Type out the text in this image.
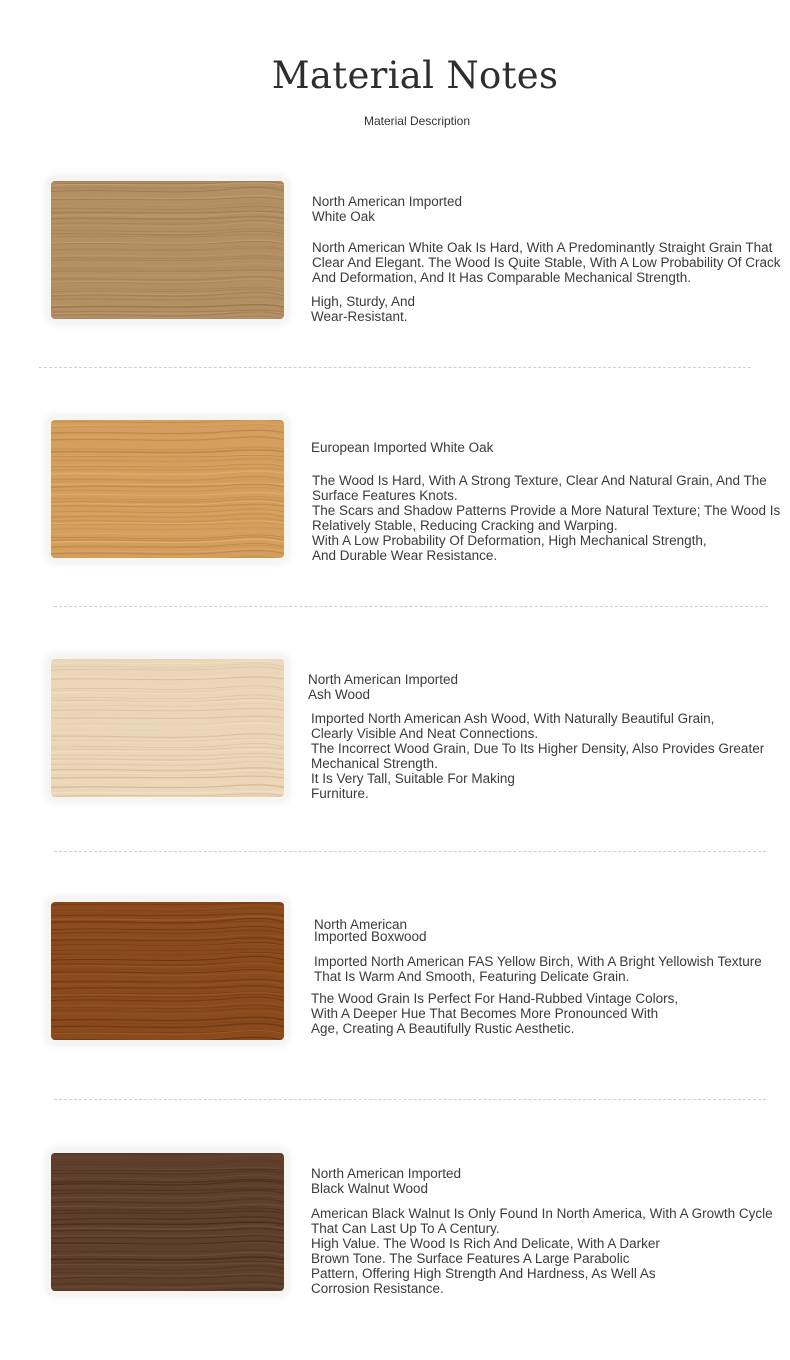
Material Notes
Material Description
North American Imported
White Oak
North American White Oak Is Hard, With A Predominantly Straight Grain That
Clear And Elegant. The Wood Is Quite Stable, With A Low Probability Of Crack
And Deformation, And It Has Comparable Mechanical Strength.
High, Sturdy, And
Wear-Resistant.
European Imported White Oak
The Wood Is Hard, With A Strong Texture, Clear And Natural Grain, And The
Surface Features Knots.
The Scars and Shadow Patterns Provide a More Natural Texture; The Wood Is
Relatively Stable, Reducing Cracking and Warping.
With A Low Probability Of Deformation, High Mechanical Strength,
And Durable Wear Resistance.
North American Imported
Ash Wood
Imported North American Ash Wood, With Naturally Beautiful Grain,
Clearly Visible And Neat Connections.
The Incorrect Wood Grain, Due To Its Higher Density, Also Provides Greater
Mechanical Strength.
It Is Very Tall, Suitable For Making
Furniture.
North American
Imported Boxwood
Imported North American FAS Yellow Birch, With A Bright Yellowish Texture
That Is Warm And Smooth, Featuring Delicate Grain.
The Wood Grain Is Perfect For Hand-Rubbed Vintage Colors,
With A Deeper Hue That Becomes More Pronounced With
Age, Creating A Beautifully Rustic Aesthetic.
North American Imported
Black Walnut Wood
American Black Walnut Is Only Found In North America, With A Growth Cycle
That Can Last Up To A Century.
High Value. The Wood Is Rich And Delicate, With A Darker
Brown Tone. The Surface Features A Large Parabolic
Pattern, Offering High Strength And Hardness, As Well As
Corrosion Resistance.
